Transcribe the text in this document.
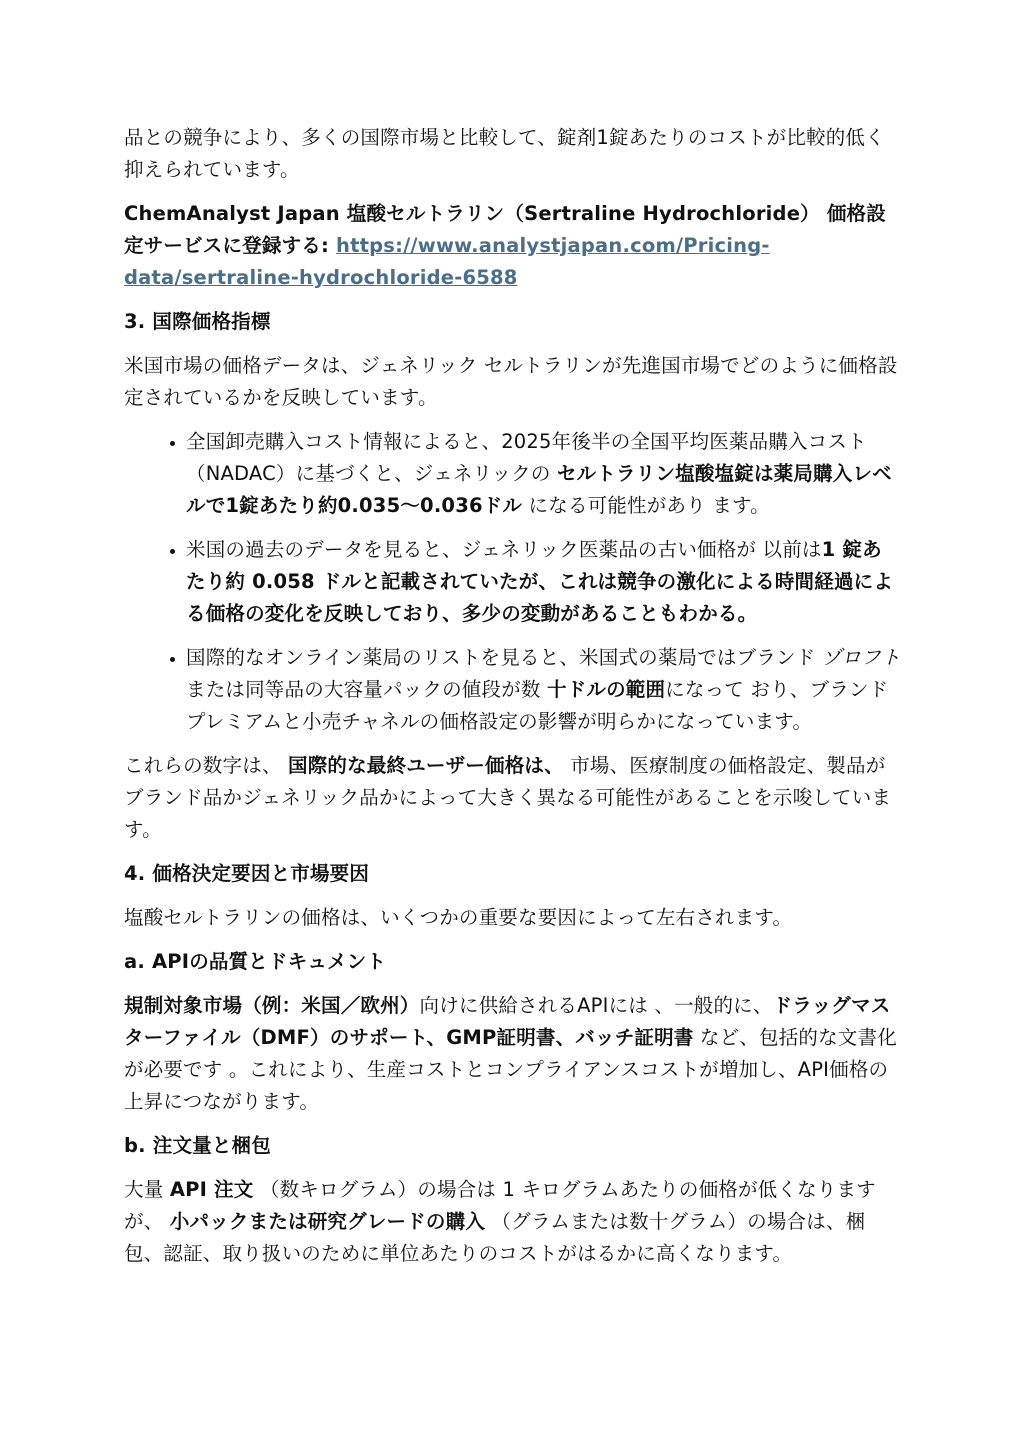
品との競争により、多くの国際市場と比較して、錠剤1錠あたりのコストが比較的低く抑えられています。

ChemAnalyst Japan 塩酸セルトラリン（Sertraline Hydrochloride） 価格設定サービスに登録する: https://www.analystjapan.com/Pricing-data/sertraline-hydrochloride-6588

3. 国際価格指標

米国市場の価格データは、ジェネリック セルトラリンが先進国市場でどのように価格設定されているかを反映しています。

• 全国卸売購入コスト情報によると、2025年後半の全国平均医薬品購入コスト（NADAC）に基づくと、ジェネリックの セルトラリン塩酸塩錠は薬局購入レベルで1錠あたり約0.035～0.036ドル になる可能性があり ます。
• 米国の過去のデータを見ると、ジェネリック医薬品の古い価格が 以前は1 錠あたり約 0.058 ドルと記載されていたが、これは競争の激化による時間経過による価格の変化を反映しており、多少の変動があることもわかる。
• 国際的なオンライン薬局のリストを見ると、米国式の薬局ではブランド ゾロフトまたは同等品の大容量パックの値段が数 十ドルの範囲になって おり、ブランドプレミアムと小売チャネルの価格設定の影響が明らかになっています。

これらの数字は、 国際的な最終ユーザー価格は、 市場、医療制度の価格設定、製品がブランド品かジェネリック品かによって大きく異なる可能性があることを示唆しています。

4. 価格決定要因と市場要因

塩酸セルトラリンの価格は、いくつかの重要な要因によって左右されます。

a. APIの品質とドキュメント

規制対象市場（例：米国／欧州）向けに供給されるAPIには 、一般的に、ドラッグマスターファイル（DMF）のサポート、GMP証明書、バッチ証明書 など、包括的な文書化が必要です 。これにより、生産コストとコンプライアンスコストが増加し、API価格の上昇につながります。

b. 注文量と梱包

大量 API 注文 （数キログラム）の場合は 1 キログラムあたりの価格が低くなりますが、 小パックまたは研究グレードの購入 （グラムまたは数十グラム）の場合は、梱包、認証、取り扱いのために単位あたりのコストがはるかに高くなります。
